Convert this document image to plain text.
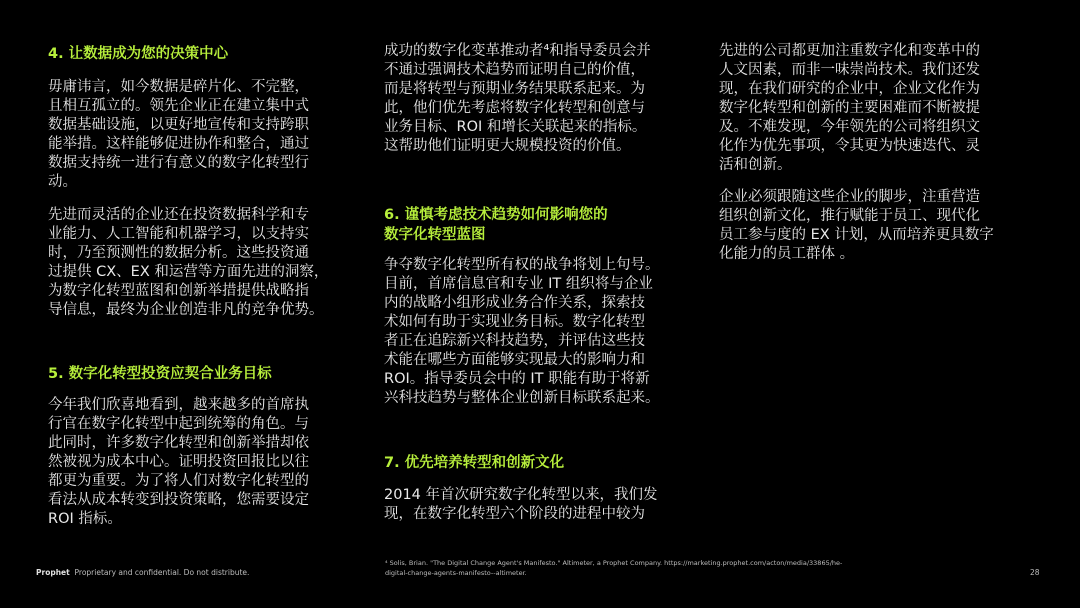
4. 让数据成为您的决策中心

毋庸讳言，如今数据是碎片化、不完整，
且相互孤立的。领先企业正在建立集中式
数据基础设施，以更好地宣传和支持跨职
能举措。这样能够促进协作和整合，通过
数据支持统一进行有意义的数字化转型行
动。

先进而灵活的企业还在投资数据科学和专
业能力、人工智能和机器学习，以支持实
时，乃至预测性的数据分析。这些投资通
过提供 CX、EX 和运营等方面先进的洞察，
为数字化转型蓝图和创新举措提供战略指
导信息，最终为企业创造非凡的竞争优势。

5. 数字化转型投资应契合业务目标

今年我们欣喜地看到，越来越多的首席执
行官在数字化转型中起到统筹的角色。与
此同时，许多数字化转型和创新举措却依
然被视为成本中心。证明投资回报比以往
都更为重要。为了将人们对数字化转型的
看法从成本转变到投资策略，您需要设定
ROI 指标。

成功的数字化变革推动者⁴和指导委员会并
不通过强调技术趋势而证明自己的价值，
而是将转型与预期业务结果联系起来。为
此，他们优先考虑将数字化转型和创意与
业务目标、ROI 和增长关联起来的指标。
这帮助他们证明更大规模投资的价值。

6. 谨慎考虑技术趋势如何影响您的
数字化转型蓝图

争夺数字化转型所有权的战争将划上句号。
目前，首席信息官和专业 IT 组织将与企业
内的战略小组形成业务合作关系，探索技
术如何有助于实现业务目标。数字化转型
者正在追踪新兴科技趋势，并评估这些技
术能在哪些方面能够实现最大的影响力和
ROI。指导委员会中的 IT 职能有助于将新
兴科技趋势与整体企业创新目标联系起来。

7. 优先培养转型和创新文化

2014 年首次研究数字化转型以来，我们发
现，在数字化转型六个阶段的进程中较为

先进的公司都更加注重数字化和变革中的
人文因素，而非一味崇尚技术。我们还发
现，在我们研究的企业中，企业文化作为
数字化转型和创新的主要困难而不断被提
及。不难发现，今年领先的公司将组织文
化作为优先事项，令其更为快速迭代、灵
活和创新。

企业必须跟随这些企业的脚步，注重营造
组织创新文化，推行赋能于员工、现代化
员工参与度的 EX 计划，从而培养更具数字
化能力的员工群体 。

Prophet Proprietary and confidential. Do not distribute.
⁴ Solis, Brian. "The Digital Change Agent's Manifesto." Altimeter, a Prophet Company. https://marketing.prophet.com/acton/media/33865/he-
digital-change-agents-manifesto--altimeter.	28
